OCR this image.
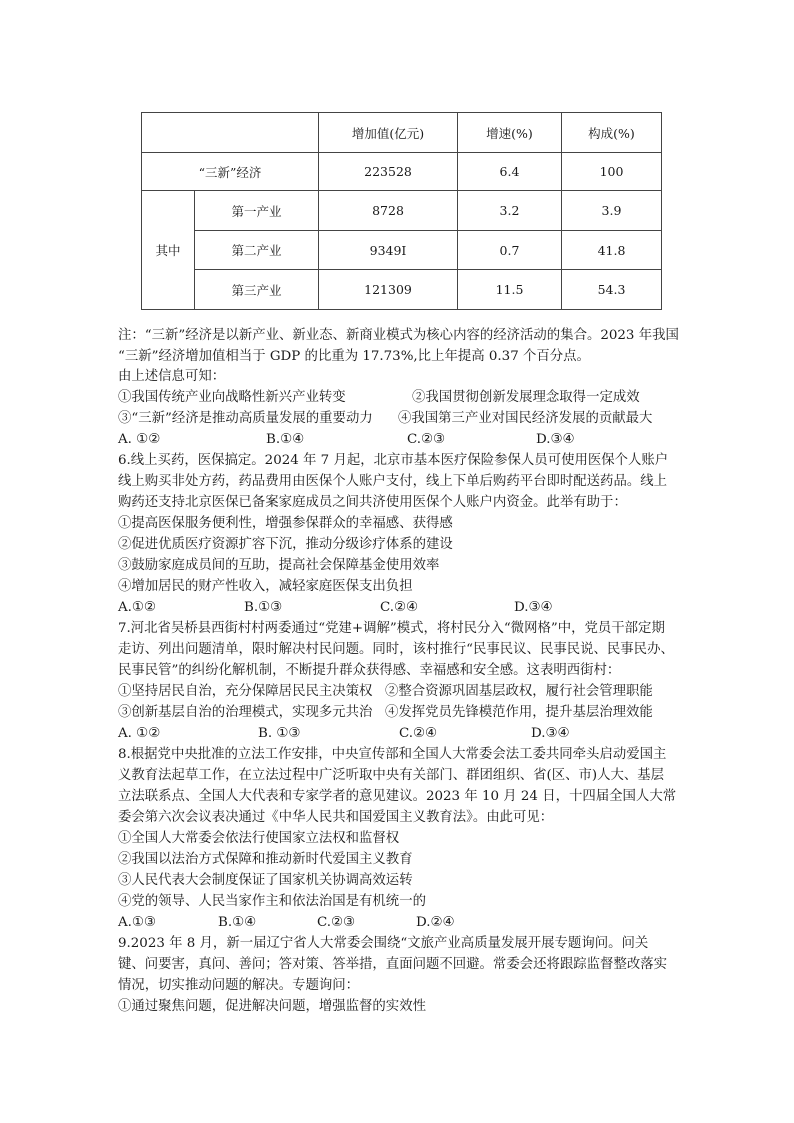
		增加值(亿元)	增速(%)	构成(%)
“三新”经济		223528	6.4	100
其中	第一产业	8728	3.2	3.9
	第二产业	9349I	0.7	41.8
	第三产业	121309	11.5	54.3
注：“三新”经济是以新产业、新业态、新商业模式为核心内容的经济活动的集合。2023 年我国
“三新”经济增加值相当于 GDP 的比重为 17.73%,比上年提高 0.37 个百分点。
由上述信息可知：
①我国传统产业向战略性新兴产业转变	②我国贯彻创新发展理念取得一定成效
③“三新”经济是推动高质量发展的重要动力 ④我国第三产业对国民经济发展的贡献最大
A. ①②	B.①④	C.②③	D.③④
6.线上买药，医保搞定。2024 年 7 月起，北京市基本医疗保险参保人员可使用医保个人账户
线上购买非处方药，药品费用由医保个人账户支付，线上下单后购药平台即时配送药品。线上
购药还支持北京医保已备案家庭成员之间共济使用医保个人账户内资金。此举有助于：
①提高医保服务便利性，增强参保群众的幸福感、获得感
②促进优质医疗资源扩容下沉，推动分级诊疗体系的建设
③鼓励家庭成员间的互助，提高社会保障基金使用效率
④增加居民的财产性收入，减轻家庭医保支出负担
A.①②	B.①③	C.②④	D.③④
7.河北省吴桥县西街村村两委通过“党建+调解”模式，将村民分入“微网格”中，党员干部定期
走访、列出问题清单，限时解决村民问题。同时，该村推行“民事民议、民事民说、民事民办、
民事民管”的纠纷化解机制，不断提升群众获得感、幸福感和安全感。这表明西街村：
①坚持居民自治，充分保障居民民主决策权 ②整合资源巩固基层政权，履行社会管理职能
③创新基层自治的治理模式，实现多元共治 ④发挥党员先锋模范作用，提升基层治理效能
A. ①②	B. ①③	C.②④	D.③④
8.根据党中央批准的立法工作安排，中央宣传部和全国人大常委会法工委共同牵头启动爱国主
义教育法起草工作，在立法过程中广泛听取中央有关部门、群团组织、省(区、市)人大、基层
立法联系点、全国人大代表和专家学者的意见建议。2023 年 10 月 24 日，十四届全国人大常
委会第六次会议表决通过《中华人民共和国爱国主义教育法》。由此可见：
①全国人大常委会依法行使国家立法权和监督权
②我国以法治方式保障和推动新时代爱国主义教育
③人民代表大会制度保证了国家机关协调高效运转
④党的领导、人民当家作主和依法治国是有机统一的
A.①③	B.①④	C.②③	D.②④
9.2023 年 8 月，新一届辽宁省人大常委会围绕“文旅产业高质量发展开展专题询问。问关
键、问要害，真问、善问；答对策、答举措，直面问题不回避。常委会还将跟踪监督整改落实
情况，切实推动问题的解决。专题询问：
①通过聚焦问题，促进解决问题，增强监督的实效性
